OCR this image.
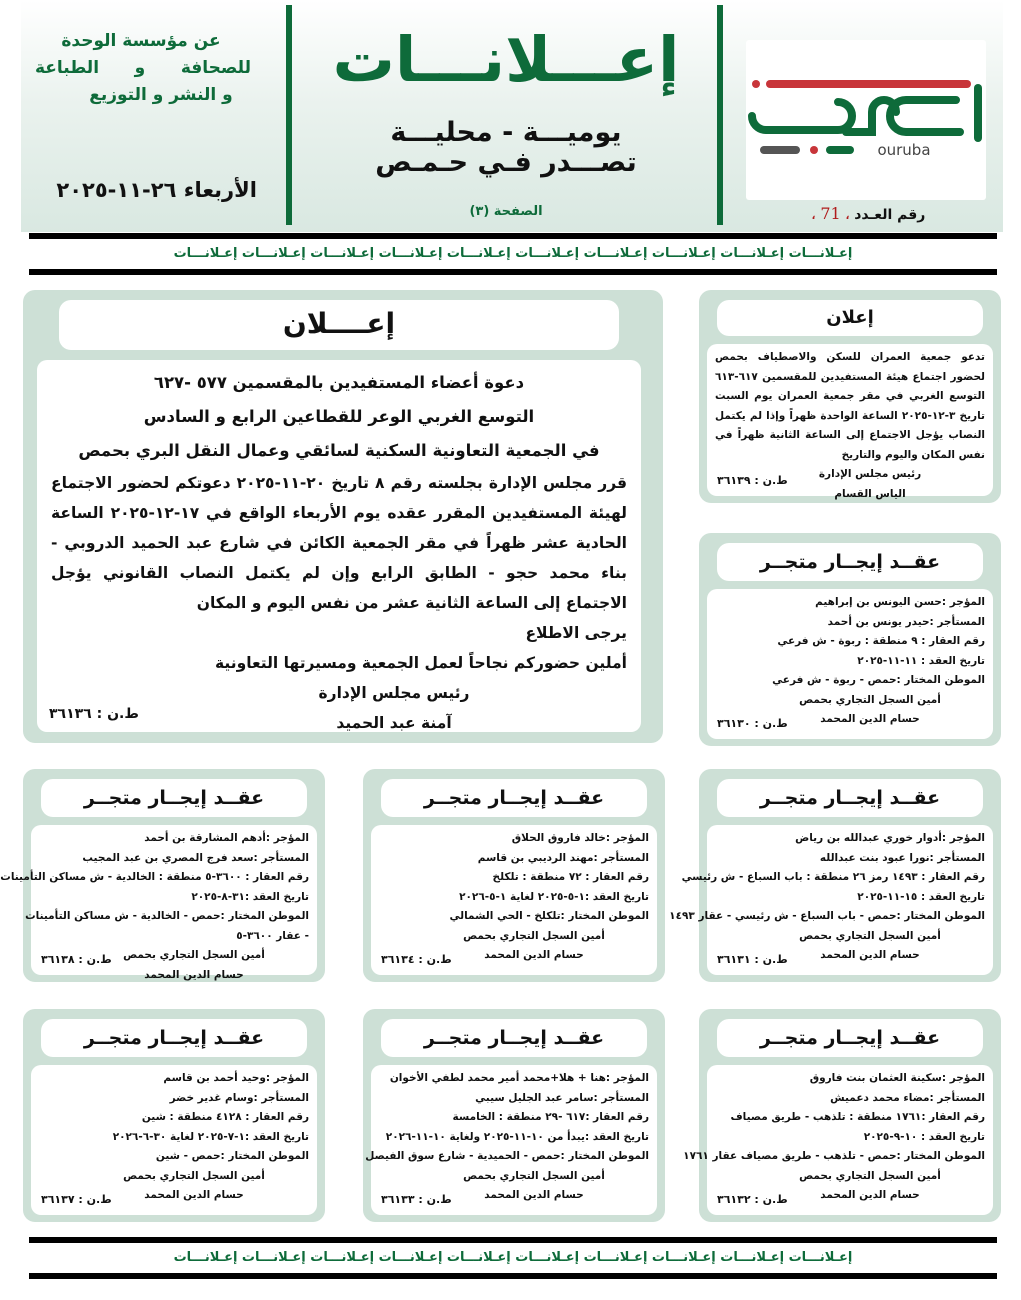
عن مؤسسة الوحدة
للصحافة
و
الطباعة
و النشر و التوزيع
الأربعاء ٢٦-١١-٢٠٢٥
إعـــلانـــات
يوميـــة - محليـــة
تصـــدر فـي حـمـص
الصفحة (٣)
ouruba
رقم العـدد ، 71 ،
إعـلانـــات إعـلانـــات إعـلانـــات إعـلانـــات إعـلانـــات إعـلانـــات إعـلانـــات إعـلانـــات إعـلانـــات إعـلانـــات
إعــــلان
دعوة أعضاء المستفيدين بالمقسمين ٥٧٧ -٦٢٧
التوسع الغربي الوعر للقطاعين الرابع و السادس
في الجمعية التعاونية السكنية لسائقي وعمال النقل البري بحمص
قرر مجلس الإدارة بجلسته رقم ٨ تاريخ ٢٠-١١-٢٠٢٥ دعوتكم لحضور الاجتماع لهيئة المستفيدين المقرر عقده يوم الأربعاء الواقع في ١٧-١٢-٢٠٢٥ الساعة الحادية عشر ظهراً في مقر الجمعية الكائن في شارع عبد الحميد الدروبي - بناء محمد حجو - الطابق الرابع وإن لم يكتمل النصاب القانوني يؤجل الاجتماع إلى الساعة الثانية عشر من نفس اليوم و المكان
يرجى الاطلاع
أملين حضوركم نجاحاً لعمل الجمعية ومسيرتها التعاونية
رئيس مجلس الإدارة
آمنة عبد الحميد
ط.ن : ٣٦١٣٦
إعلان
تدعو جمعية العمران للسكن والاصطياف بحمص لحضور اجتماع هيئة المستفيدين للمقسمين ٦١٧-٦١٣ التوسع الغربي في مقر جمعية العمران يوم السبت تاريخ ٣-١٢-٢٠٢٥ الساعة الواحدة ظهراً وإذا لم يكتمل النصاب يؤجل الاجتماع إلى الساعة الثانية ظهراً في نفس المكان واليوم والتاريخ
رئيس مجلس الإدارة
الياس القسام
ط.ن : ٣٦١٣٩
عقــد إيجــار متجــر
المؤجر :حسن اليونس بن إبراهيم
المستأجر :حيدر يونس بن أحمد
رقم العقار : ٩ منطقة : ربوة - ش فرعي
تاريخ العقد : ١١-١١-٢٠٢٥
الموطن المختار :حمص - ربوة - ش فرعي
أمين السجل التجاري بحمص
حسام الدين المحمد
ط.ن : ٣٦١٣٠
عقــد إيجــار متجــر
المؤجر :أدوار خوري عبدالله بن رياض
المستأجر :نورا عبود بنت عبدالله
رقم العقار : ١٤٩٣ رمز ٢٦ منطقة : باب السباع - ش رئيسي
تاريخ العقد : ١٥-١١-٢٠٢٥
الموطن المختار :حمص - باب السباع - ش رئيسي - عقار ١٤٩٣
أمين السجل التجاري بحمص
حسام الدين المحمد
ط.ن : ٣٦١٣١
عقــد إيجــار متجــر
المؤجر :خالد فاروق الحلاق
المستأجر :مهند الرديبي بن قاسم
رقم العقار : ٧٢ منطقة : تلكلخ
تاريخ العقد :١-٥-٢٠٢٥ لغاية ١-٥-٢٠٢٦
الموطن المختار :تلكلخ - الحي الشمالي
أمين السجل التجاري بحمص
حسام الدين المحمد
ط.ن : ٣٦١٣٤
عقــد إيجــار متجــر
المؤجر :أدهم المشارقة بن أحمد
المستأجر :سعد فرج المصري بن عبد المجيب
رقم العقار : ٣٦٠٠-٥ منطقة : الخالدية - ش مساكن التأمينات
تاريخ العقد :٣١-٨-٢٠٢٥
الموطن المختار :حمص - الخالدية - ش مساكن التأمينات
- عقار ٣٦٠٠-٥
أمين السجل التجاري بحمص
حسام الدين المحمد
ط.ن : ٣٦١٣٨
عقــد إيجــار متجــر
المؤجر :سكينة العثمان بنت فاروق
المستأجر :مضاء محمد دعميش
رقم العقار :١٧٦١ منطقة : تلذهب - طريق مصياف
تاريخ العقد : ١٠-٩-٢٠٢٥
الموطن المختار :حمص - تلذهب - طريق مصياف عقار ١٧٦١
أمين السجل التجاري بحمص
حسام الدين المحمد
ط.ن : ٣٦١٣٢
عقــد إيجــار متجــر
المؤجر :هنا + هلا+محمد أمير محمد لطفي الأخوان
المستأجر :سامر عبد الجليل سيبي
رقم العقار :٦١٧ -٢٩ منطقة : الخامسة
تاريخ العقد :يبدأ من ١٠-١١-٢٠٢٥ ولغاية ١٠-١١-٢٠٢٦
الموطن المختار :حمص - الحميدية - شارع سوق الفيصل
أمين السجل التجاري بحمص
حسام الدين المحمد
ط.ن : ٣٦١٣٣
عقــد إيجــار متجــر
المؤجر :وحيد أحمد بن قاسم
المستأجر :وسام غدير خضر
رقم العقار : ٤١٢٨ منطقة : شين
تاريخ العقد :١-٧-٢٠٢٥ لغاية ٣٠-٦-٢٠٢٦
الموطن المختار :حمص - شين
أمين السجل التجاري بحمص
حسام الدين المحمد
ط.ن : ٣٦١٣٧
إعـلانـــات إعـلانـــات إعـلانـــات إعـلانـــات إعـلانـــات إعـلانـــات إعـلانـــات إعـلانـــات إعـلانـــات إعـلانـــات
